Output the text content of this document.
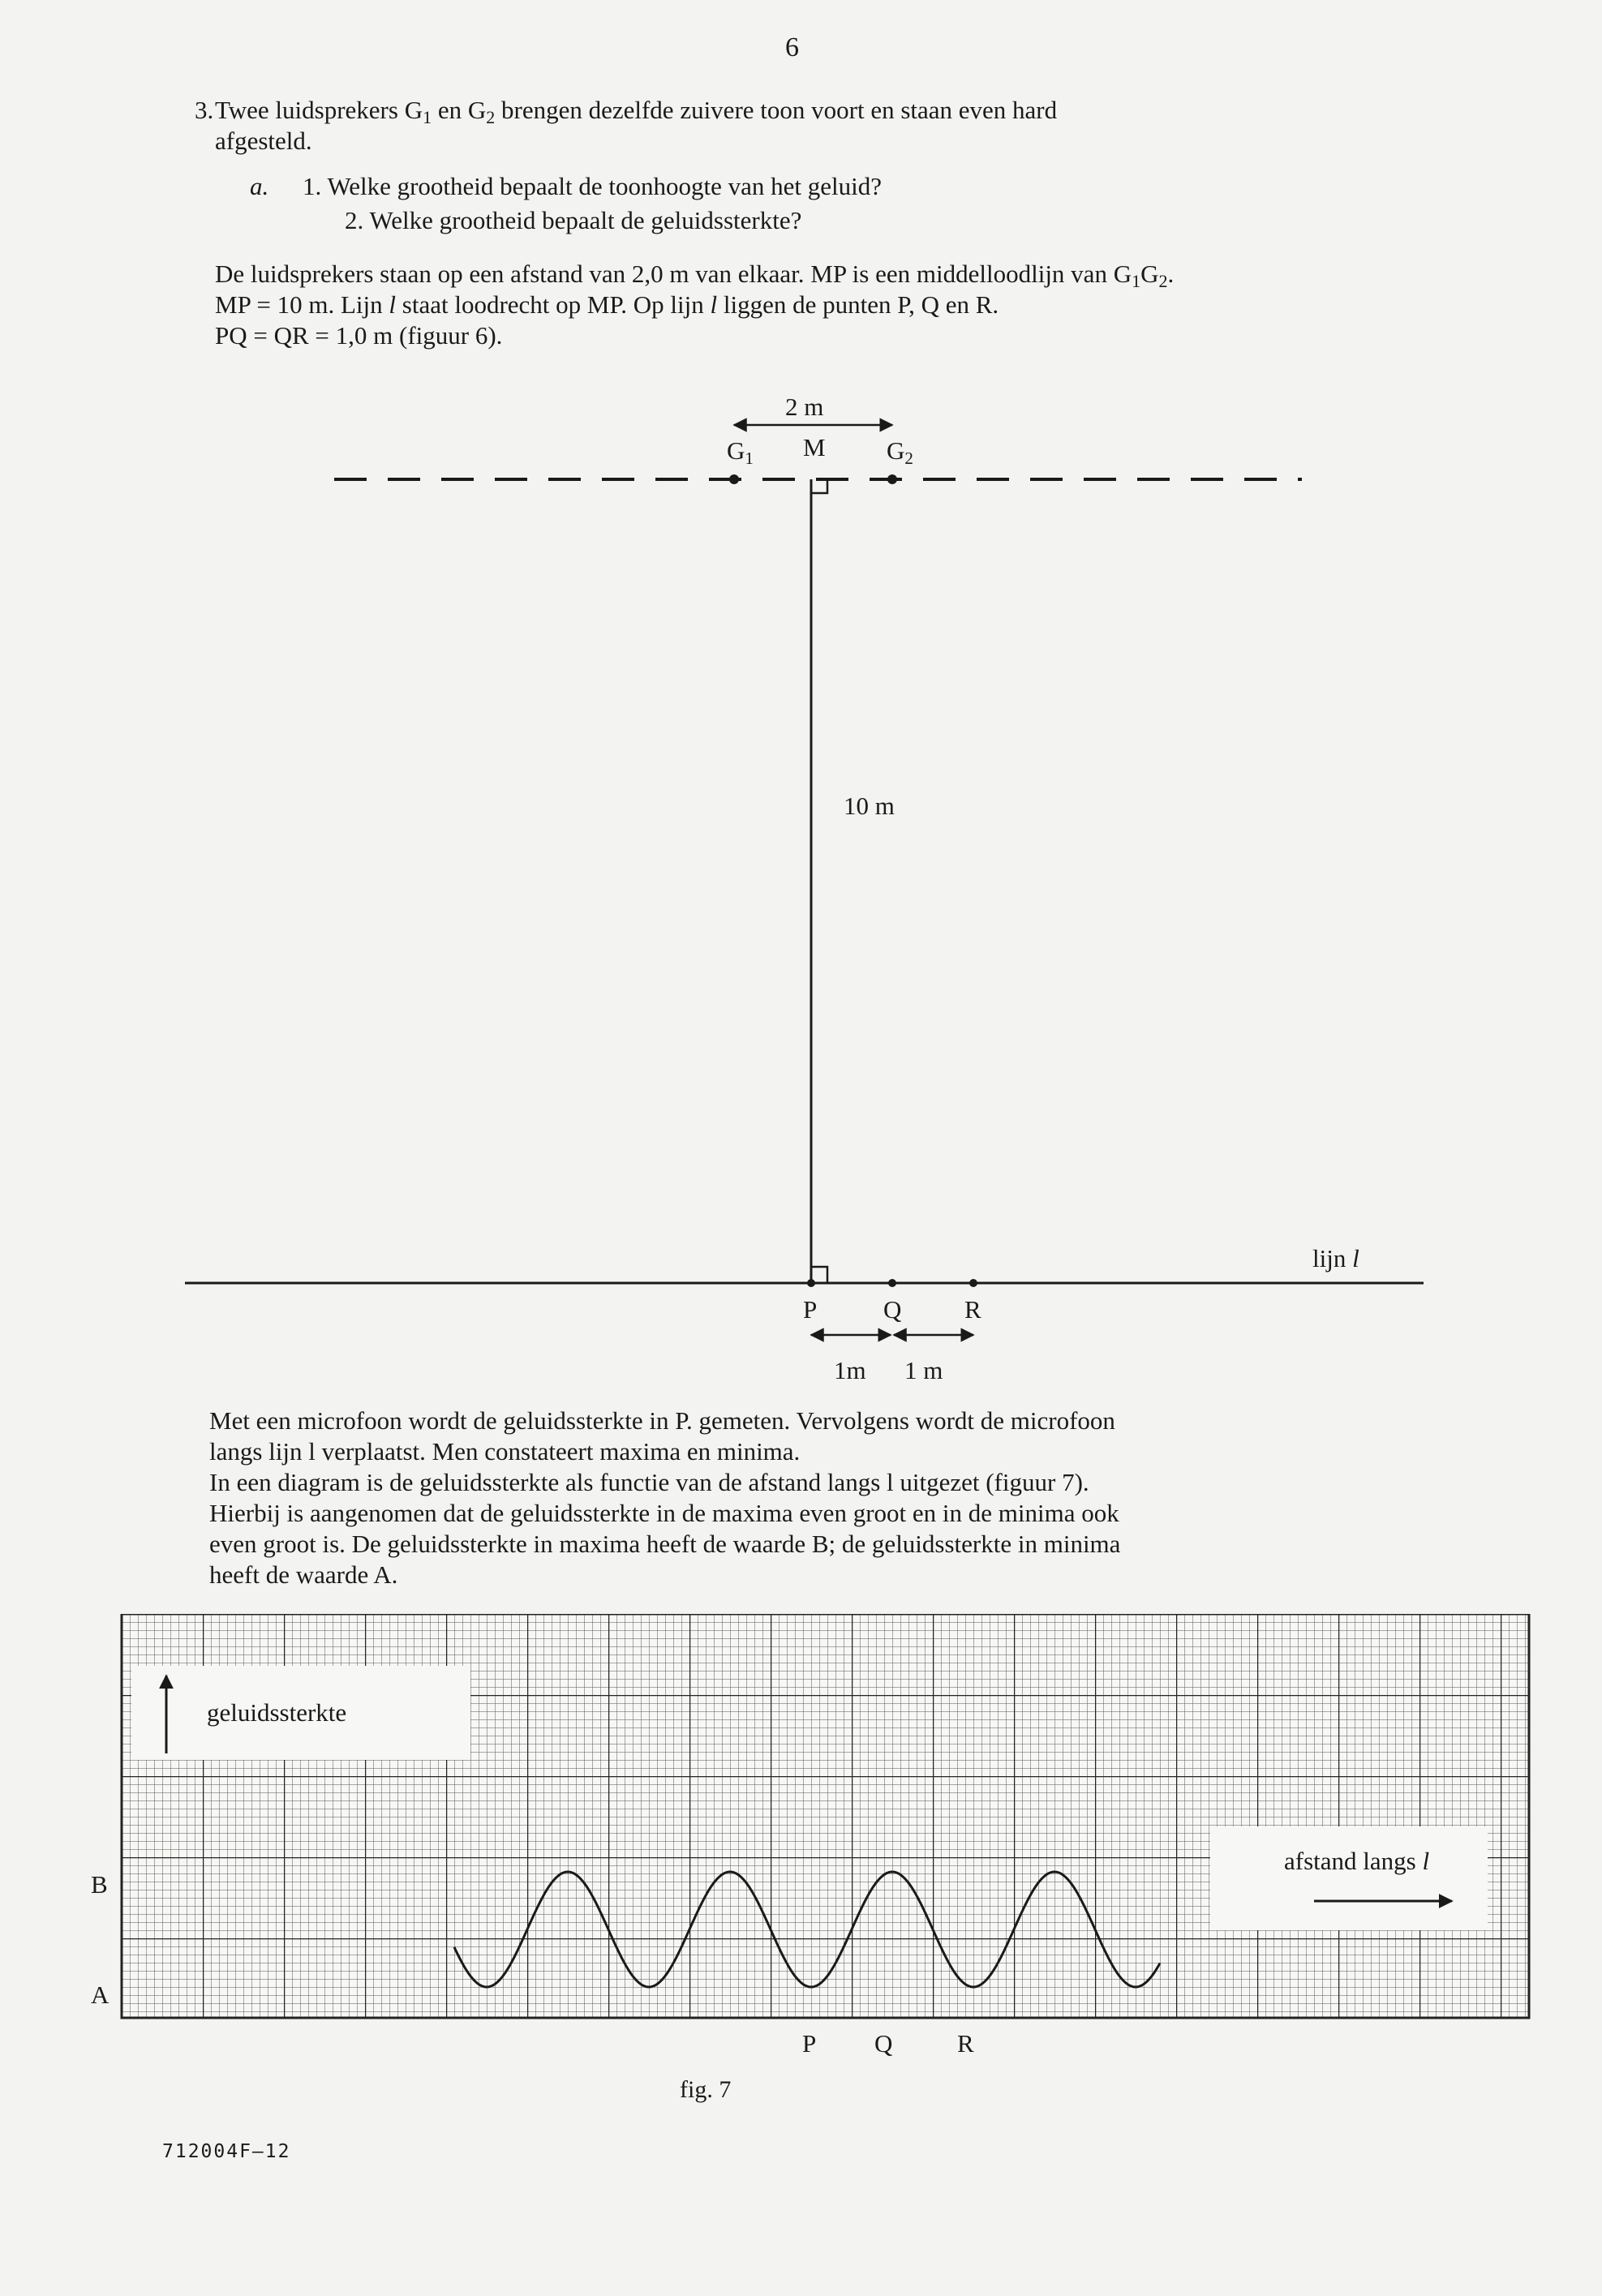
6
3. Twee luidsprekers $G_1$ en $G_2$ brengen dezelfde zuivere toon voort en staan even hard
afgesteld.
a. 1. Welke grootheid bepaalt de toonhoogte van het geluid?
2. Welke grootheid bepaalt de geluidssterkte?
De luidsprekers staan op een afstand van 2,0 m van elkaar. MP is een middelloodlijn van $G_1G_2$.
MP = 10 m. Lijn l staat loodrecht op MP. Op lijn l liggen de punten P, Q en R.
PQ = QR = 1,0 m (figuur 6).
2 m
G1 M G2
10 m
lijn l
P	Q	R
1m 1 m
Met een microfoon wordt de geluidssterkte in P. gemeten. Vervolgens wordt de microfoon
langs lijn l verplaatst. Men constateert maxima en minima.
In een diagram is de geluidssterkte als functie van de afstand langs l uitgezet (figuur 7).
Hierbij is aangenomen dat de geluidssterkte in de maxima even groot en in de minima ook
even groot is. De geluidssterkte in maxima heeft de waarde B; de geluidssterkte in minima
heeft de waarde A.
geluidssterkte
afstand langs l
B
A
P Q	R
fig. 7
712004F–12
